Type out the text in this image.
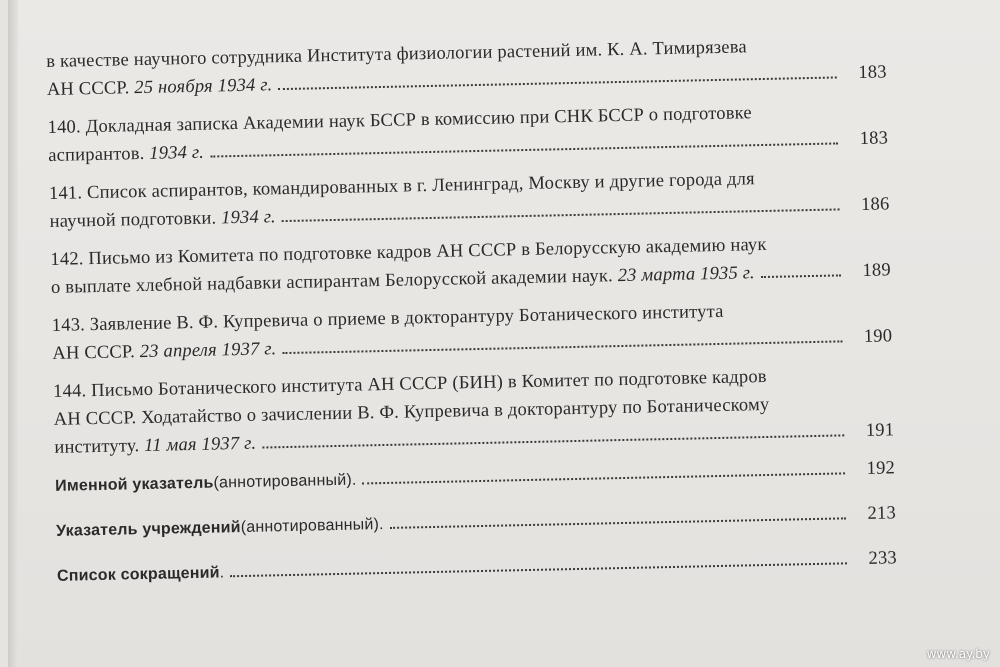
в качестве научного сотрудника Института физиологии растений им. К. А. Тимирязева
АН СССР.
25 ноября 1934 г.
183
140. Докладная записка Академии наук БССР в комиссию при СНК БССР о подготовке
аспирантов.
1934 г.
183
141. Список аспирантов, командированных в г. Ленинград, Москву и другие города для
научной подготовки.
1934 г.
186
142. Письмо из Комитета по подготовке кадров АН СССР в Белорусскую академию наук
о выплате хлебной надбавки аспирантам Белорусской академии наук.
23 марта 1935 г.	189
143. Заявление В. Ф. Купревича о приеме в докторантуру Ботанического института
АН СССР.
23 апреля 1937 г.
190
144. Письмо Ботанического института АН СССР (БИН) в Комитет по подготовке кадров
АН СССР. Ходатайство о зачислении В. Ф. Купревича в докторантуру по Ботаническому
институту.
11 мая 1937 г.
191
Именной указатель (аннотированный).
192
Указатель учреждений (аннотированный).
213
Список сокращений .
233
www.ay.by
